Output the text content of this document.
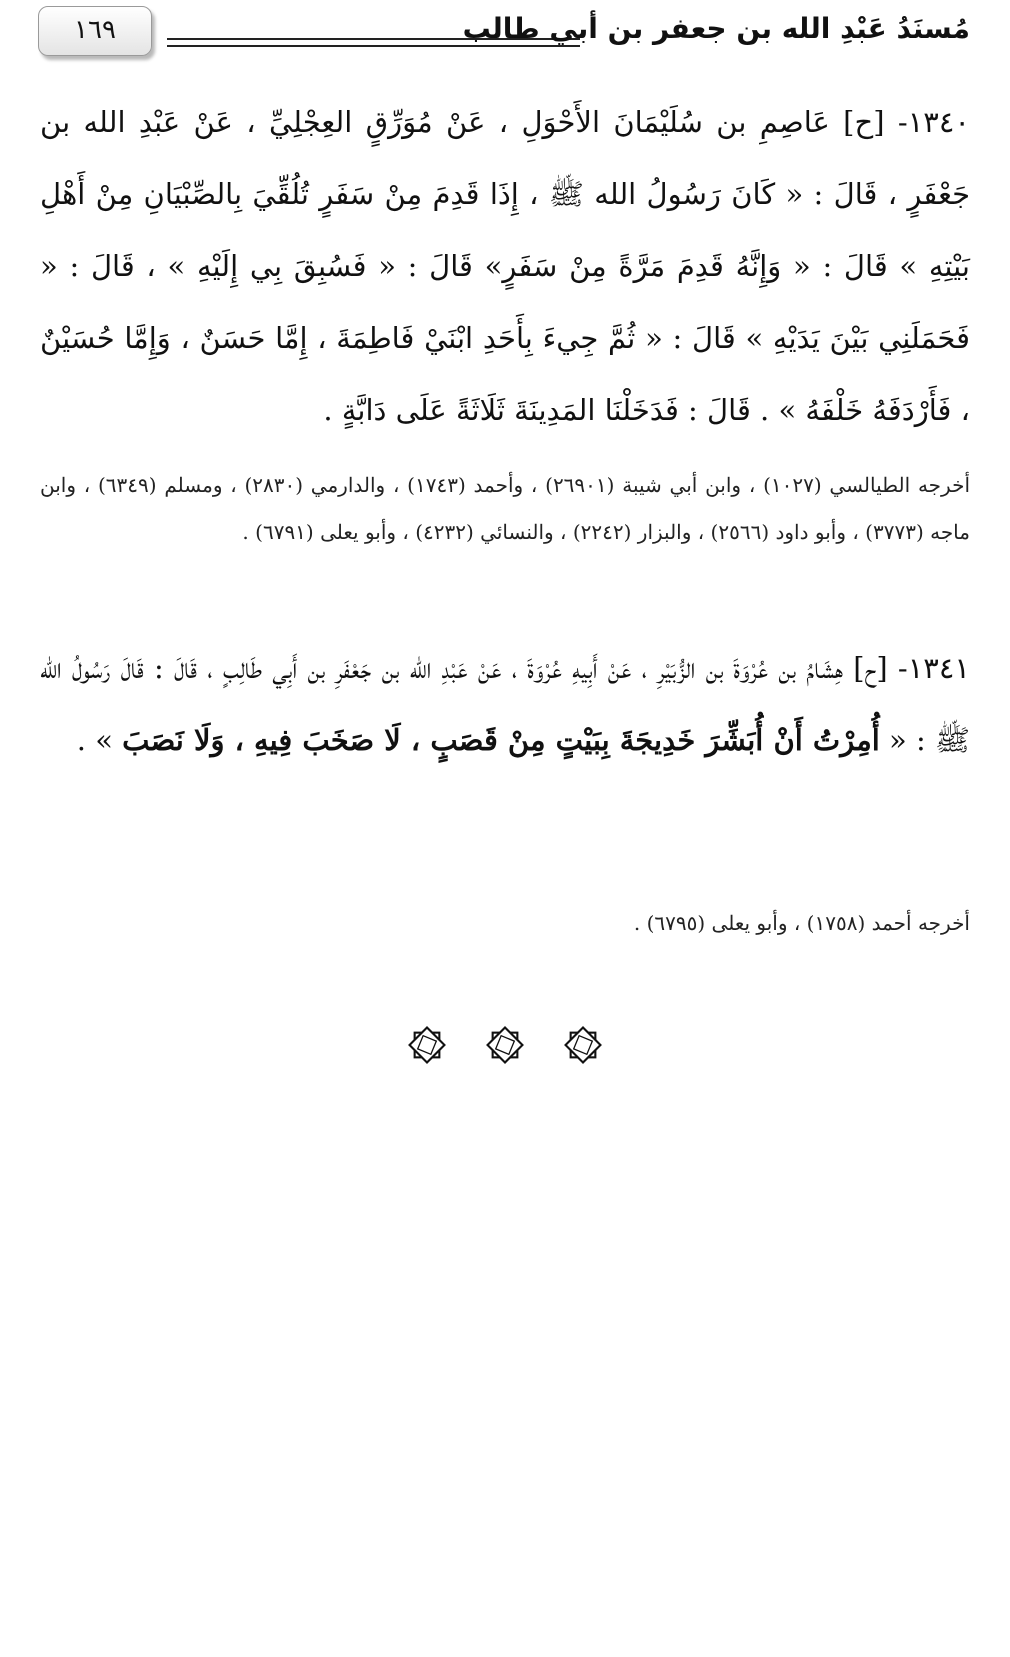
١٦٩	مُسنَدُ عَبْدِ الله بن جعفر بن أبي طالب
١٣٤٠- [ح] عَاصِمِ بن سُلَيْمَانَ الأَحْوَلِ ، عَنْ مُوَرِّقٍ العِجْلِيِّ ، عَنْ عَبْدِ الله بن جَعْفَرٍ ، قَالَ : « كَانَ رَسُولُ الله ﷺ ، إِذَا قَدِمَ مِنْ سَفَرٍ تُلُقِّيَ بِالصِّبْيَانِ مِنْ أَهْلِ بَيْتِهِ » قَالَ : « وَإِنَّهُ قَدِمَ مَرَّةً مِنْ سَفَرٍ» قَالَ : « فَسُبِقَ بِي إِلَيْهِ » ، قَالَ : « فَحَمَلَنِي بَيْنَ يَدَيْهِ » قَالَ : « ثُمَّ جِيءَ بِأَحَدِ ابْنَيْ فَاطِمَةَ ، إِمَّا حَسَنٌ ، وَإِمَّا حُسَيْنٌ ، فَأَرْدَفَهُ خَلْفَهُ » . قَالَ : فَدَخَلْنَا المَدِينَةَ ثَلَاثَةً عَلَى دَابَّةٍ .
أخرجه الطيالسي (١٠٢٧) ، وابن أبي شيبة (٢٦٩٠١) ، وأحمد (١٧٤٣) ، والدارمي (٢٨٣٠) ، ومسلم (٦٣٤٩) ، وابن ماجه (٣٧٧٣) ، وأبو داود (٢٥٦٦) ، والبزار (٢٢٤٢) ، والنسائي (٤٢٣٢) ، وأبو يعلى (٦٧٩١) .
١٣٤١- [ح] هِشَامُ بن عُرْوَةَ بن الزُّبَيْرِ ، عَنْ أَبِيهِ عُرْوَةَ ، عَنْ عَبْدِ الله بن جَعْفَرِ بن أَبِي طَالِبٍ ، قَالَ : قَالَ رَسُولُ الله ﷺ : « أُمِرْتُ أَنْ أُبَشِّرَ خَدِيجَةَ بِبَيْتٍ مِنْ قَصَبٍ ، لَا صَخَبَ فِيهِ ، وَلَا نَصَبَ » .
أخرجه أحمد (١٧٥٨) ، وأبو يعلى (٦٧٩٥) .
